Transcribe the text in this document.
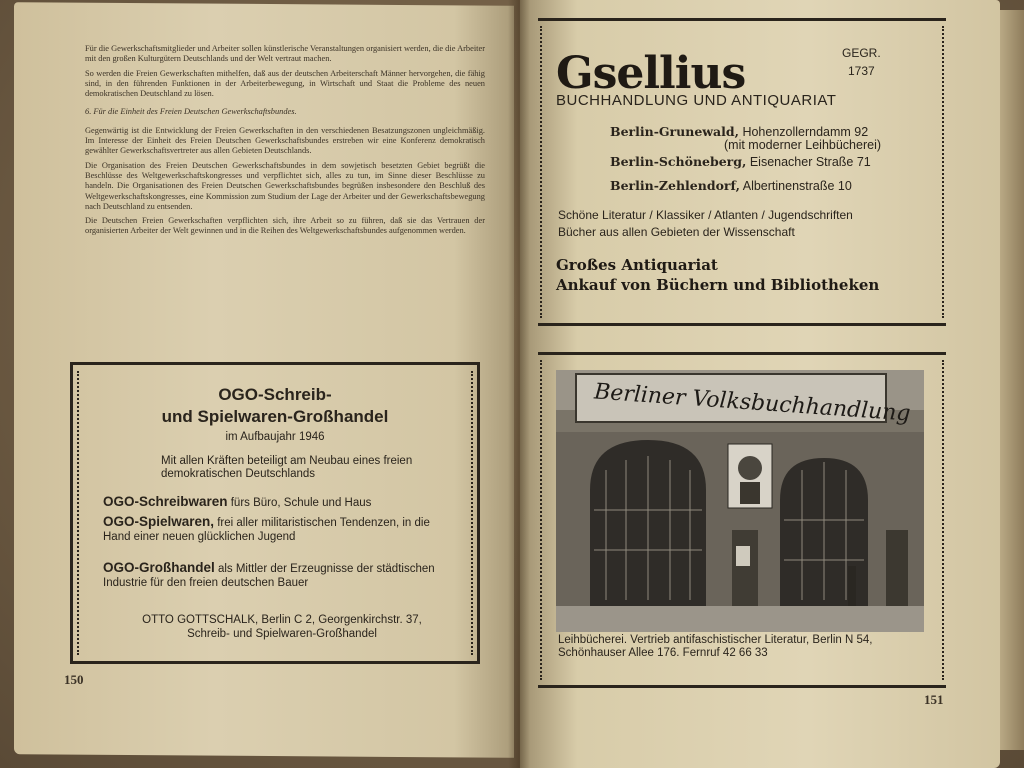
Für die Gewerkschaftsmitglieder und Arbeiter sollen künstlerische Veranstaltungen organisiert werden, die die Arbeiter mit den großen Kulturgütern Deutschlands und der Welt vertraut machen.

So werden die Freien Gewerkschaften mithelfen, daß aus der deutschen Arbeiterschaft Männer hervorgehen, die fähig sind, in den führenden Funktionen in der Arbeiterbewegung, in Wirtschaft und Staat die Probleme des neuen demokratischen Deutschland zu lösen.

6. Für die Einheit des Freien Deutschen Gewerkschaftsbundes.

Gegenwärtig ist die Entwicklung der Freien Gewerkschaften in den verschiedenen Besatzungszonen ungleichmäßig. Im Interesse der Einheit des Freien Deutschen Gewerkschaftsbundes erstreben wir eine Konferenz demokratisch gewählter Gewerkschaftsvertreter aus allen Gebieten Deutschlands.

Die Organisation des Freien Deutschen Gewerkschaftsbundes in dem sowjetisch besetzten Gebiet begrüßt die Beschlüsse des Weltgewerkschaftskongresses und verpflichtet sich, alles zu tun, im Sinne dieser Beschlüsse zu handeln. Die Organisationen des Freien Deutschen Gewerkschaftsbundes begrüßen insbesondere den Beschluß des Weltgewerkschaftskongresses, eine Kommission zum Studium der Lage der Arbeiter und der Gewerkschaftsbewegung nach Deutschland zu entsenden.

Die Deutschen Freien Gewerkschaften verpflichten sich, ihre Arbeit so zu führen, daß sie das Vertrauen der organisierten Arbeiter der Welt gewinnen und in die Reihen des Weltgewerkschaftsbundes aufgenommen werden.

OGO-Schreib-
und Spielwaren-Großhandel
im Aufbaujahr 1946
Mit allen Kräften beteiligt am Neubau eines freien demokratischen Deutschlands
OGO-Schreibwaren fürs Büro, Schule und Haus
OGO-Spielwaren, frei aller militaristischen Tendenzen, in die Hand einer neuen glücklichen Jugend
OGO-Großhandel als Mittler der Erzeugnisse der städtischen Industrie für den freien deutschen Bauer
OTTO GOTTSCHALK, Berlin C 2, Georgenkirchstr. 37,
Schreib- und Spielwaren-Großhandel
150
Gsellius	GEGR.
1737
BUCHHANDLUNG UND ANTIQUARIAT
Berlin-Grunewald, Hohenzollerndamm 92
(mit moderner Leihbücherei)
Berlin-Schöneberg, Eisenacher Straße 71
Berlin-Zehlendorf, Albertinenstraße 10
Schöne Literatur / Klassiker / Atlanten / Jugendschriften
Bücher aus allen Gebieten der Wissenschaft
Großes Antiquariat
Ankauf von Büchern und Bibliotheken
Berliner Volksbuchhandlung
Leihbücherei. Vertrieb antifaschistischer Literatur, Berlin N 54, Schönhauser Allee 176. Fernruf 42 66 33
151
